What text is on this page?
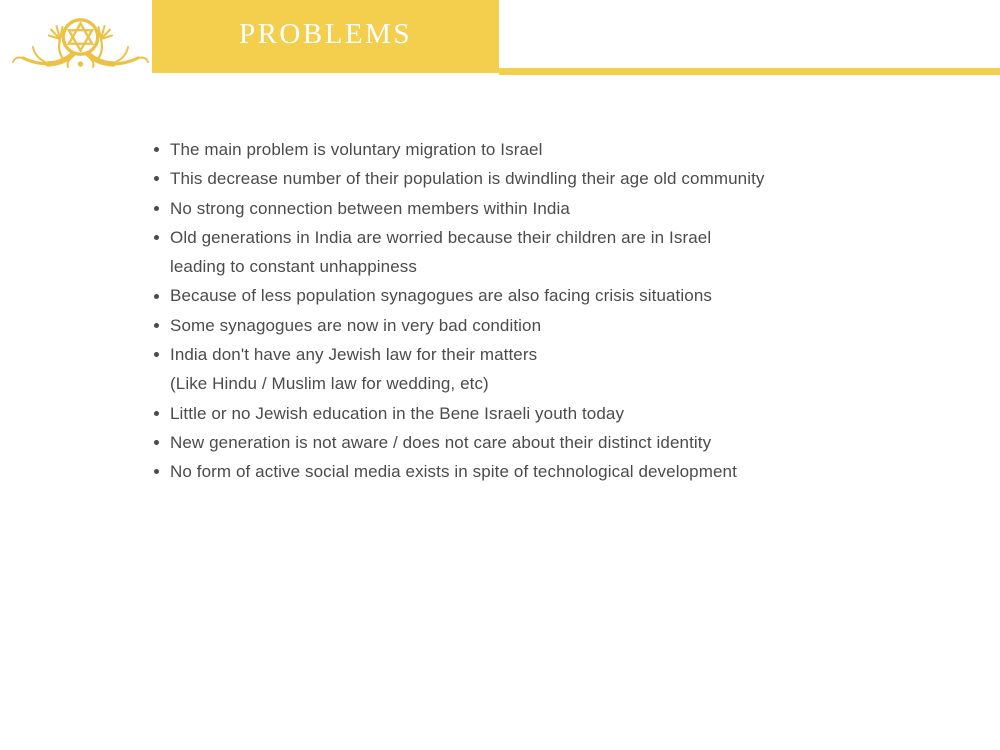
PROBLEMS
The main problem is voluntary migration to Israel
This decrease number of their population is dwindling their age old community
No strong connection between members within India
Old generations in India are worried because their children are in Israel
leading to constant unhappiness
Because of less population synagogues are also facing crisis situations
Some synagogues are now in very bad condition
India don't have any Jewish law for their matters
(Like Hindu / Muslim law for wedding, etc)
Little or no Jewish education in the Bene Israeli youth today
New generation is not aware / does not care about their distinct identity
No form of active social media exists in spite of technological development
